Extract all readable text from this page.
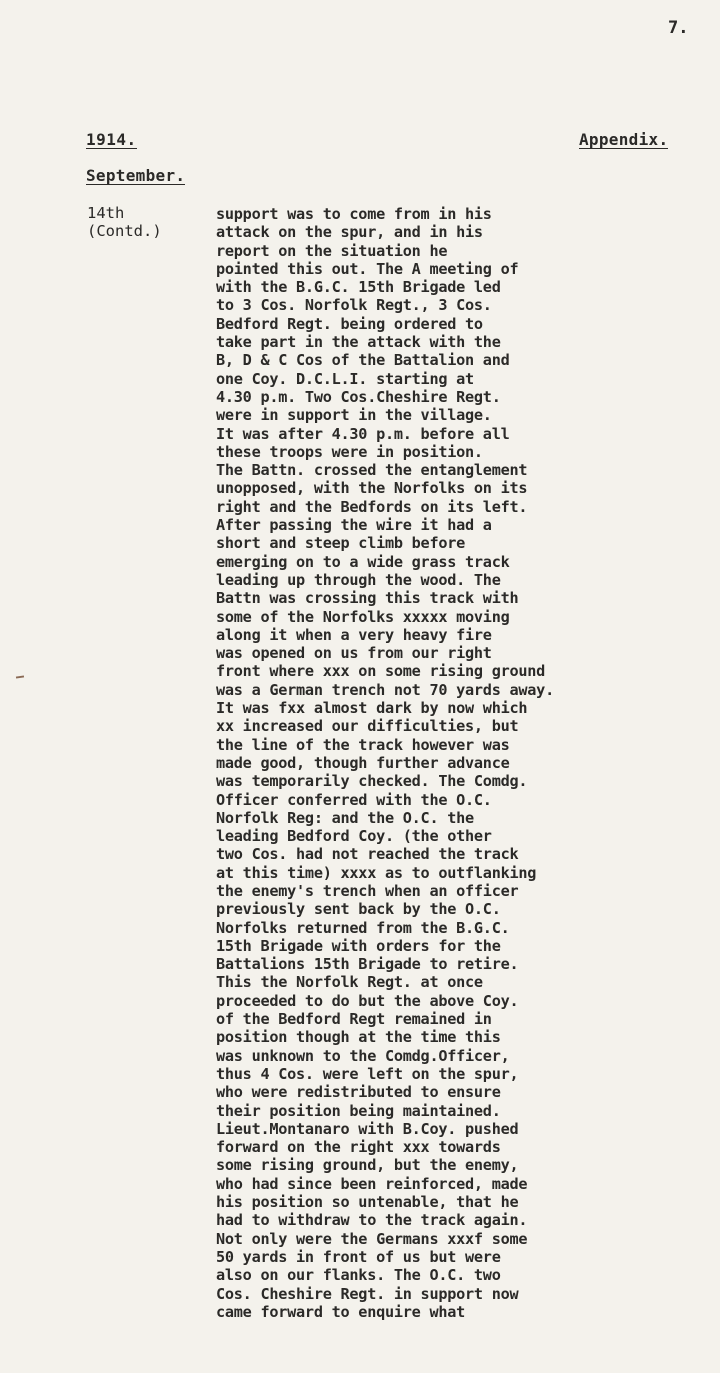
7.
1914.	Appendix.
September.
14th
(Contd.)
support was to come from in his
attack on the spur, and in his
report on the situation he
pointed this out. The A meeting of
with the B.G.C. 15th Brigade led
to 3 Cos. Norfolk Regt., 3 Cos.
Bedford Regt. being ordered to
take part in the attack with the
B, D & C Cos of the Battalion and
one Coy. D.C.L.I. starting at
4.30 p.m. Two Cos.Cheshire Regt.
were in support in the village.
It was after 4.30 p.m. before all
these troops were in position.
The Battn. crossed the entanglement
unopposed, with the Norfolks on its
right and the Bedfords on its left.
After passing the wire it had a
short and steep climb before
emerging on to a wide grass track
leading up through the wood. The
Battn was crossing this track with
some of the Norfolks xxxxx moving
along it when a very heavy fire
was opened on us from our right
front where xxx on some rising ground
was a German trench not 70 yards away.
It was fxx almost dark by now which
xx increased our difficulties, but
the line of the track however was
made good, though further advance
was temporarily checked. The Comdg.
Officer conferred with the O.C.
Norfolk Reg: and the O.C. the
leading Bedford Coy. (the other
two Cos. had not reached the track
at this time) xxxx as to outflanking
the enemy's trench when an officer
previously sent back by the O.C.
Norfolks returned from the B.G.C.
15th Brigade with orders for the
Battalions 15th Brigade to retire.
This the Norfolk Regt. at once
proceeded to do but the above Coy.
of the Bedford Regt remained in
position though at the time this
was unknown to the Comdg.Officer,
thus 4 Cos. were left on the spur,
who were redistributed to ensure
their position being maintained.
Lieut.Montanaro with B.Coy. pushed
forward on the right xxx towards
some rising ground, but the enemy,
who had since been reinforced, made
his position so untenable, that he
had to withdraw to the track again.
Not only were the Germans xxxf some
50 yards in front of us but were
also on our flanks. The O.C. two
Cos. Cheshire Regt. in support now
came forward to enquire what
